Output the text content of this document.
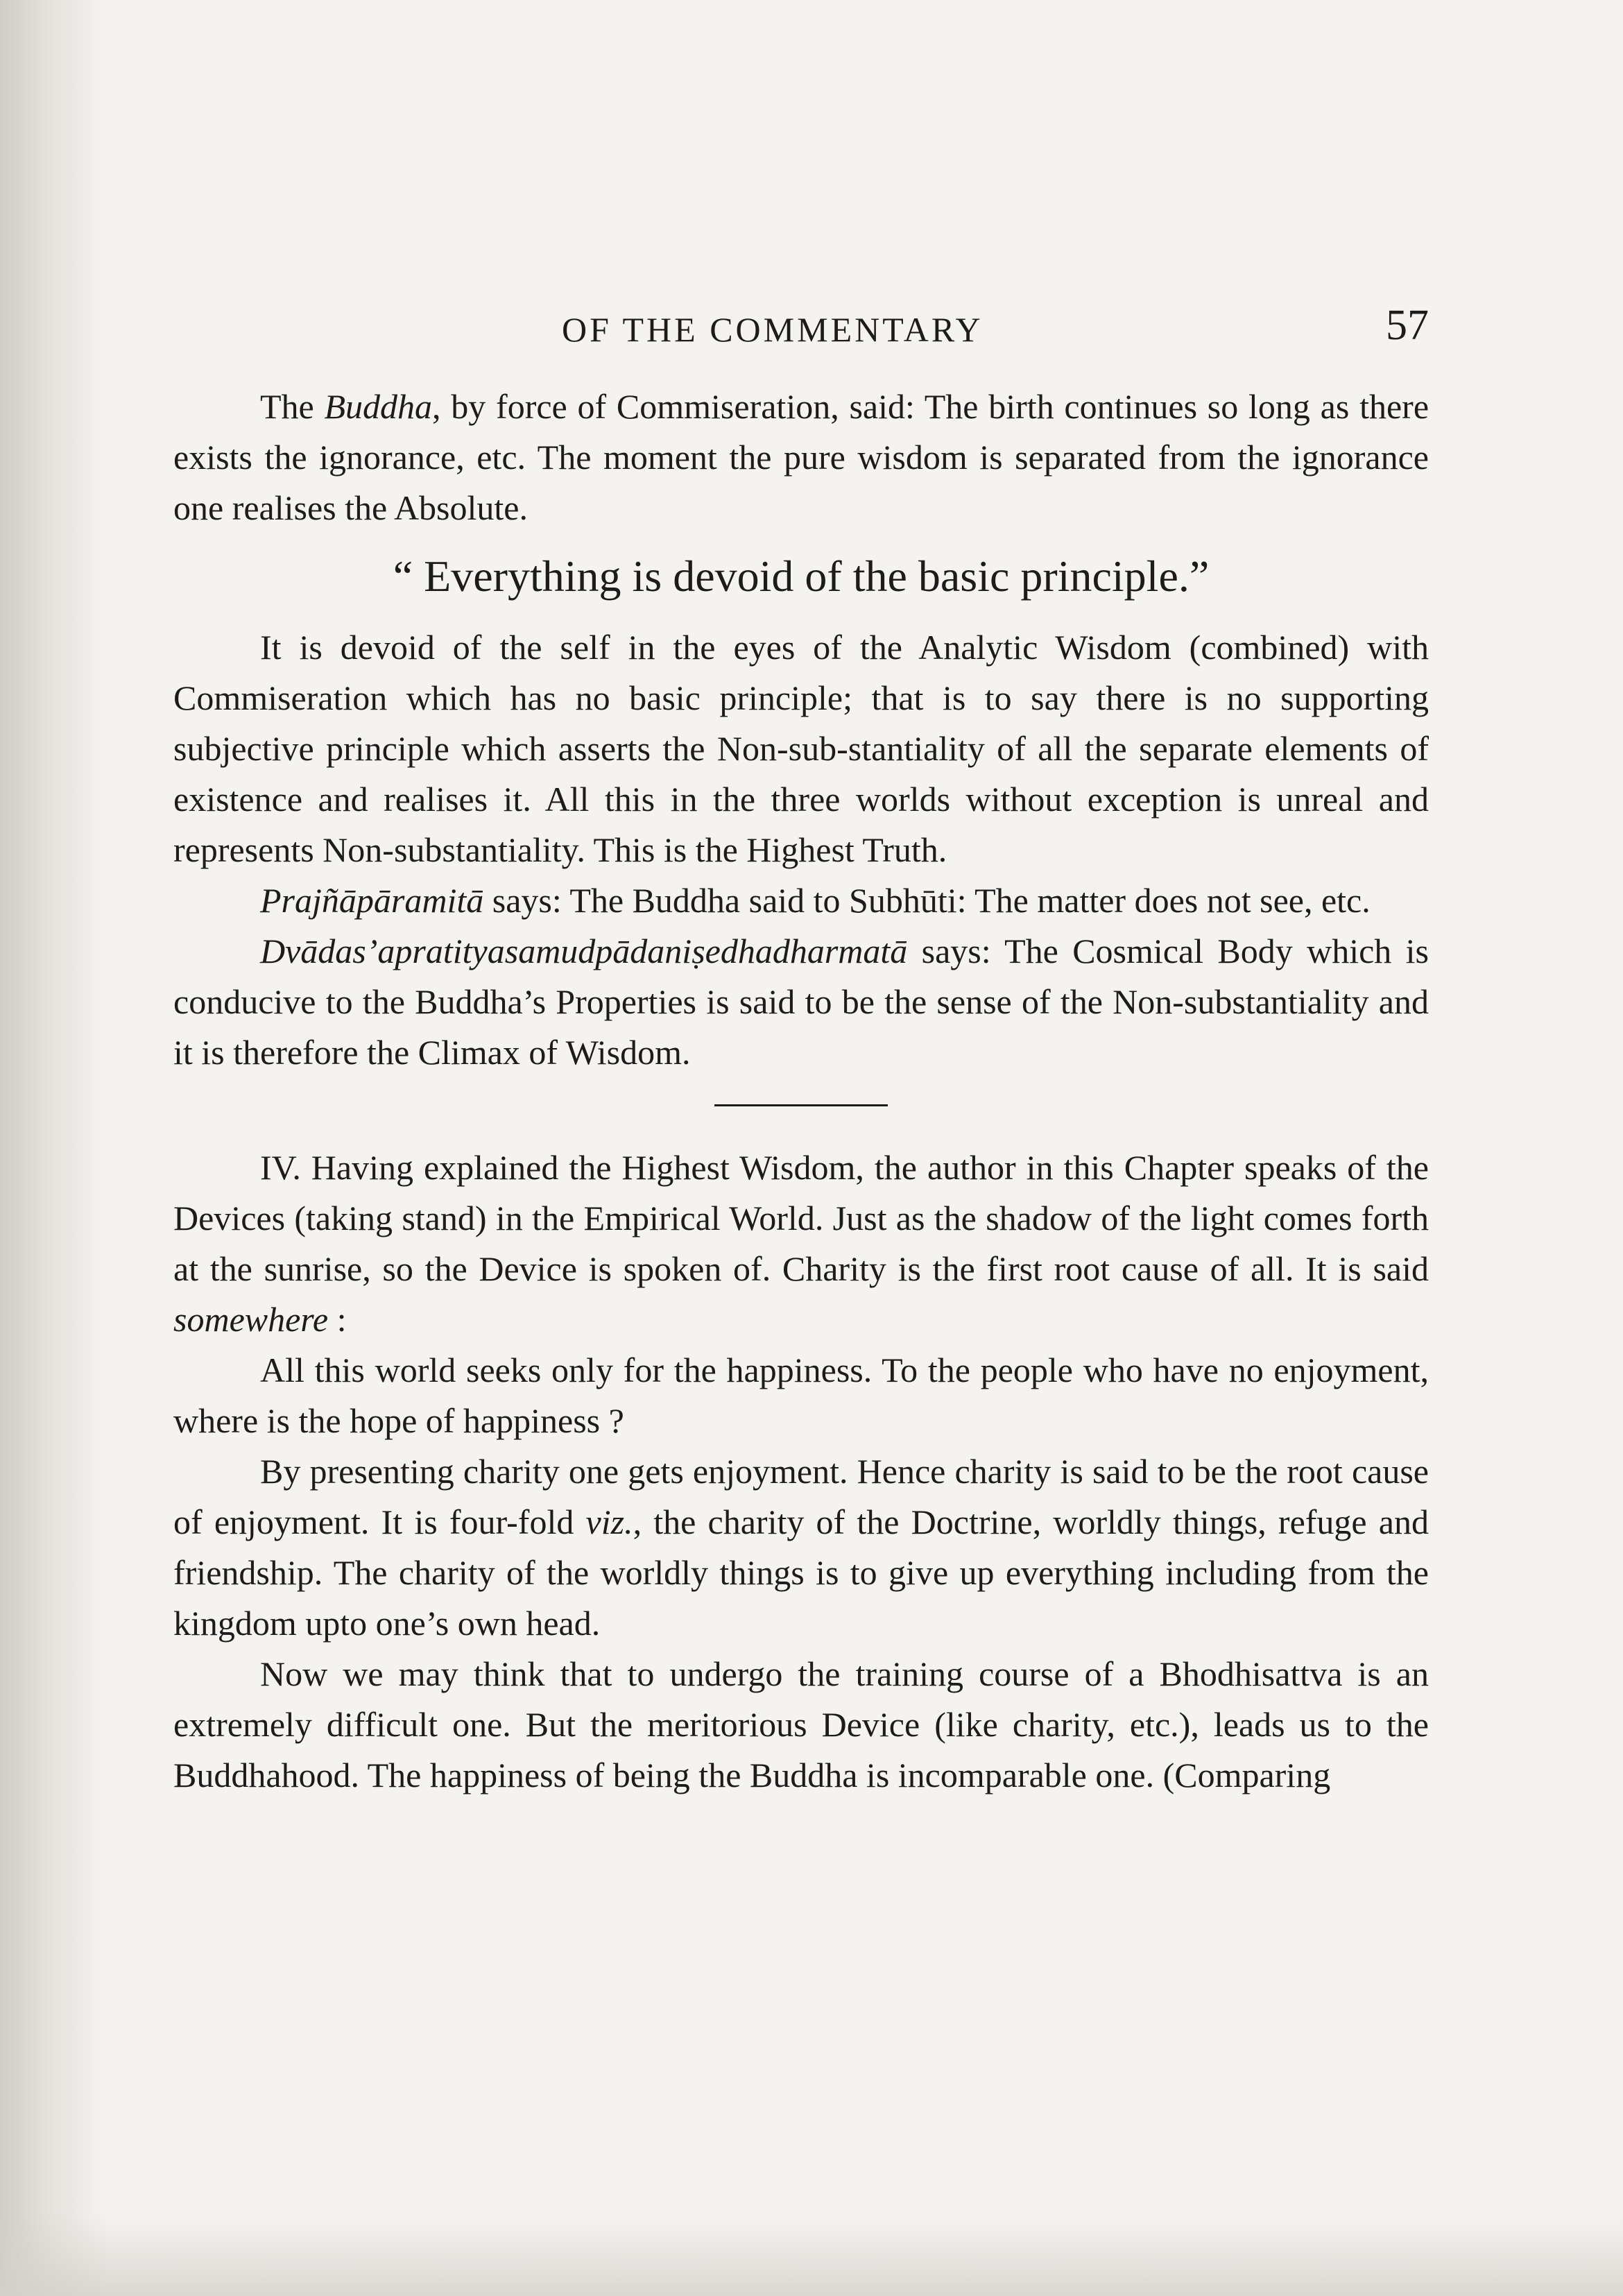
OF THE COMMENTARY	57

The Buddha, by force of Commiseration, said: The birth continues so long as there exists the ignorance, etc. The moment the pure wisdom is separated from the ignorance one realises the Absolute.

“ Everything is devoid of the basic principle.”

It is devoid of the self in the eyes of the Analytic Wisdom (combined) with Commiseration which has no basic principle; that is to say there is no supporting subjective principle which asserts the Non-sub-stantiality of all the separate elements of existence and realises it. All this in the three worlds without exception is unreal and represents Non-substantiality. This is the Highest Truth.

Prajñāpāramitā says: The Buddha said to Subhūti: The matter does not see, etc.

Dvādas’apratityasamudpādaniṣedhadharmatā says: The Cosmical Body which is conducive to the Buddha’s Properties is said to be the sense of the Non-substantiality and it is therefore the Climax of Wisdom.

IV. Having explained the Highest Wisdom, the author in this Chapter speaks of the Devices (taking stand) in the Empirical World. Just as the shadow of the light comes forth at the sunrise, so the Device is spoken of. Charity is the first root cause of all. It is said somewhere :

All this world seeks only for the happiness. To the people who have no enjoyment, where is the hope of happiness ?

By presenting charity one gets enjoyment. Hence charity is said to be the root cause of enjoyment. It is four-fold viz., the charity of the Doctrine, worldly things, refuge and friendship. The charity of the worldly things is to give up everything including from the kingdom upto one’s own head.

Now we may think that to undergo the training course of a Bhodhisattva is an extremely difficult one. But the meritorious Device (like charity, etc.), leads us to the Buddhahood. The happiness of being the Buddha is incomparable one. (Comparing
